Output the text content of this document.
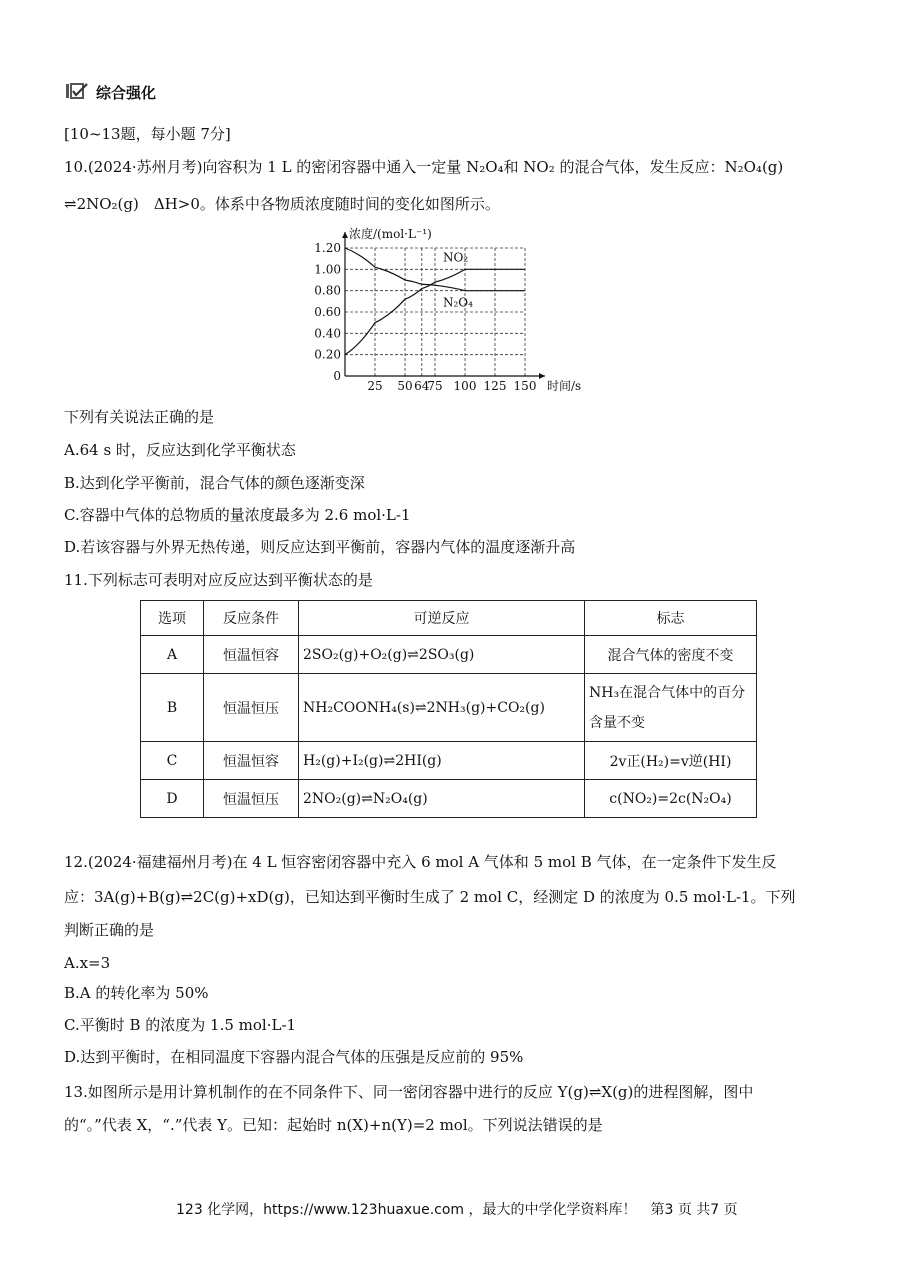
综合强化
[10~13题，每小题 7分]
10.(2024·苏州月考)向容积为 1 L 的密闭容器中通入一定量 N₂O₄和 NO₂ 的混合气体，发生反应：N₂O₄(g)
⇌2NO₂(g)　ΔH>0。体系中各物质浓度随时间的变化如图所示。
25 50 64
75 100 125 150
0
0.20
0.40
0.60
0.80
1.00
1.20
浓度/(mol·L⁻¹)
时间/s
NO₂
N₂O₄
下列有关说法正确的是
A.64 s 时，反应达到化学平衡状态
B.达到化学平衡前，混合气体的颜色逐渐变深
C.容器中气体的总物质的量浓度最多为 2.6 mol·L-1
D.若该容器与外界无热传递，则反应达到平衡前，容器内气体的温度逐渐升高
11.下列标志可表明对应反应达到平衡状态的是
选项	反应条件	可逆反应	标志
A	恒温恒容	2SO₂(g)+O₂(g)⇌2SO₃(g)	混合气体的密度不变
B	恒温恒压	NH₂COONH₄(s)⇌2NH₃(g)+CO₂(g)	NH₃在混合气体中的百分含量不变
C	恒温恒容	H₂(g)+I₂(g)⇌2HI(g)	2v正(H₂)=v逆(HI)
D	恒温恒压	2NO₂(g)⇌N₂O₄(g)	c(NO₂)=2c(N₂O₄)
12.(2024·福建福州月考)在 4 L 恒容密闭容器中充入 6 mol A 气体和 5 mol B 气体，在一定条件下发生反
应：3A(g)+B(g)⇌2C(g)+xD(g)，已知达到平衡时生成了 2 mol C，经测定 D 的浓度为 0.5 mol·L-1。下列
判断正确的是
A.x=3
B.A 的转化率为 50%
C.平衡时 B 的浓度为 1.5 mol·L-1
D.达到平衡时，在相同温度下容器内混合气体的压强是反应前的 95%
13.如图所示是用计算机制作的在不同条件下、同一密闭容器中进行的反应 Y(g)⇌X(g)的进程图解，图中
的“。”代表 X，“.”代表 Y。已知：起始时 n(X)+n(Y)=2 mol。下列说法错误的是
123 化学网，https://www.123huaxue.com ，最大的中学化学资料库！　第3 页 共7 页
